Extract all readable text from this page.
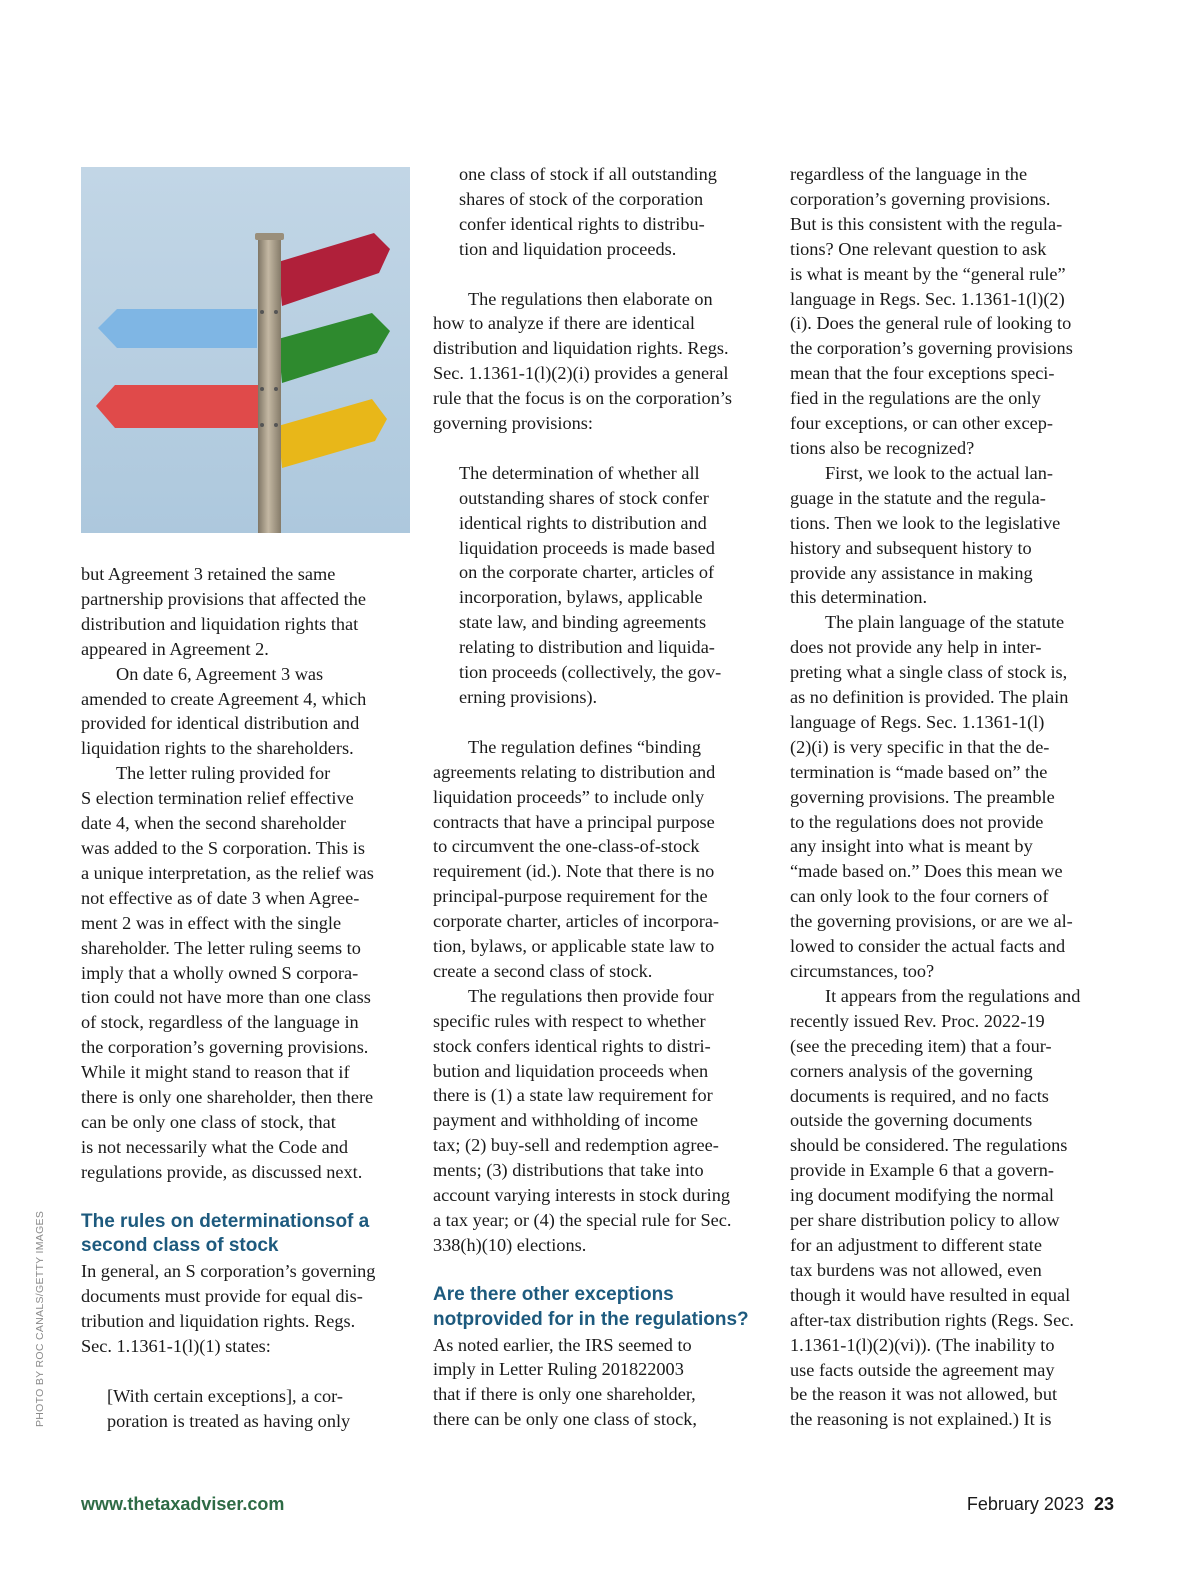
PHOTO BY ROC CANALS/GETTY IMAGES

but Agreement 3 retained the same
partnership provisions that affected the
distribution and liquidation rights that
appeared in Agreement 2.

On date 6, Agreement 3 was
amended to create Agreement 4, which
provided for identical distribution and
liquidation rights to the shareholders.

The letter ruling provided for
S election termination relief effective
date 4, when the second shareholder
was added to the S corporation. This is
a unique interpretation, as the relief was
not effective as of date 3 when Agree-
ment 2 was in effect with the single
shareholder. The letter ruling seems to
imply that a wholly owned S corpora-
tion could not have more than one class
of stock, regardless of the language in
the corporation’s governing provisions.
While it might stand to reason that if
there is only one shareholder, then there
can be only one class of stock, that
is not necessarily what the Code and
regulations provide, as discussed next.

The rules on determinationsof a second class of stock

In general, an S corporation’s governing
documents must provide for equal dis-
tribution and liquidation rights. Regs.
Sec. 1.1361-1(l)(1) states:

[With certain exceptions], a cor-
poration is treated as having only

one class of stock if all outstanding
shares of stock of the corporation
confer identical rights to distribu-
tion and liquidation proceeds.

The regulations then elaborate on
how to analyze if there are identical
distribution and liquidation rights. Regs.
Sec. 1.1361-1(l)(2)(i) provides a general
rule that the focus is on the corporation’s
governing provisions:

The determination of whether all
outstanding shares of stock confer
identical rights to distribution and
liquidation proceeds is made based
on the corporate charter, articles of
incorporation, bylaws, applicable
state law, and binding agreements
relating to distribution and liquida-
tion proceeds (collectively, the gov-
erning provisions).

The regulation defines “binding
agreements relating to distribution and
liquidation proceeds” to include only
contracts that have a principal purpose
to circumvent the one-class-of-stock
requirement (id.). Note that there is no
principal-purpose requirement for the
corporate charter, articles of incorpora-
tion, bylaws, or applicable state law to
create a second class of stock.

The regulations then provide four
specific rules with respect to whether
stock confers identical rights to distri-
bution and liquidation proceeds when
there is (1) a state law requirement for
payment and withholding of income
tax; (2) buy-sell and redemption agree-
ments; (3) distributions that take into
account varying interests in stock during
a tax year; or (4) the special rule for Sec.
338(h)(10) elections.

Are there other exceptions notprovided for in the regulations?

As noted earlier, the IRS seemed to
imply in Letter Ruling 201822003
that if there is only one shareholder,
there can be only one class of stock,

regardless of the language in the
corporation’s governing provisions.
But is this consistent with the regula-
tions? One relevant question to ask
is what is meant by the “general rule”
language in Regs. Sec. 1.1361-1(l)(2)
(i). Does the general rule of looking to
the corporation’s governing provisions
mean that the four exceptions speci-
fied in the regulations are the only
four exceptions, or can other excep-
tions also be recognized?

First, we look to the actual lan-
guage in the statute and the regula-
tions. Then we look to the legislative
history and subsequent history to
provide any assistance in making
this determination.

The plain language of the statute
does not provide any help in inter-
preting what a single class of stock is,
as no definition is provided. The plain
language of Regs. Sec. 1.1361-1(l)
(2)(i) is very specific in that the de-
termination is “made based on” the
governing provisions. The preamble
to the regulations does not provide
any insight into what is meant by
“made based on.” Does this mean we
can only look to the four corners of
the governing provisions, or are we al-
lowed to consider the actual facts and
circumstances, too?

It appears from the regulations and
recently issued Rev. Proc. 2022-19
(see the preceding item) that a four-
corners analysis of the governing
documents is required, and no facts
outside the governing documents
should be considered. The regulations
provide in Example 6 that a govern-
ing document modifying the normal
per share distribution policy to allow
for an adjustment to different state
tax burdens was not allowed, even
though it would have resulted in equal
after-tax distribution rights (Regs. Sec.
1.1361-1(l)(2)(vi)). (The inability to
use facts outside the agreement may
be the reason it was not allowed, but
the reasoning is not explained.) It is

www.thetaxadviser.com	February 2023 23
